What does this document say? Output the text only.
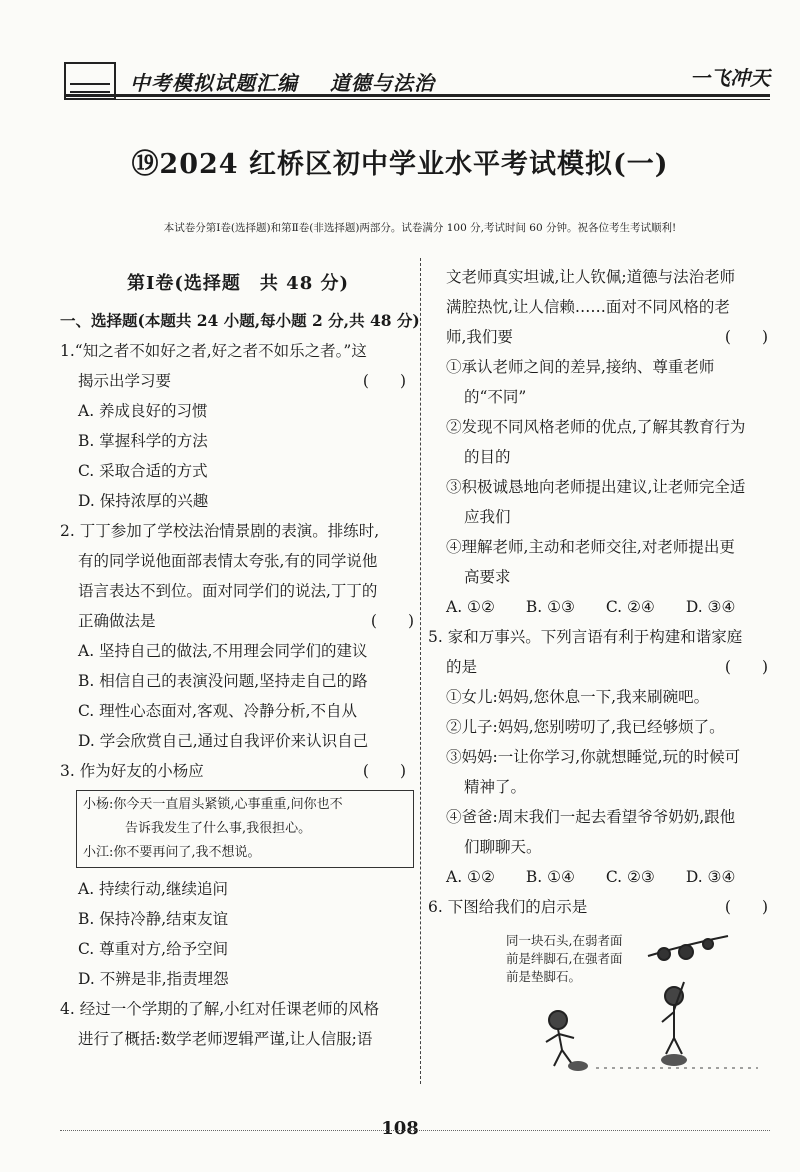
中考模拟试题汇编 道德与法治	一飞冲天
⑲2024 红桥区初中学业水平考试模拟(一)
本试卷分第Ⅰ卷(选择题)和第Ⅱ卷(非选择题)两部分。试卷满分 100 分,考试时间 60 分钟。祝各位考生考试顺利!
第Ⅰ卷(选择题　共 48 分)
一、选择题(本题共 24 小题,每小题 2 分,共 48 分)
1.“知之者不如好之者,好之者不如乐之者。”这
揭示出学习要	(　　)
A. 养成良好的习惯
B. 掌握科学的方法
C. 采取合适的方式
D. 保持浓厚的兴趣
2. 丁丁参加了学校法治情景剧的表演。排练时,
有的同学说他面部表情太夸张,有的同学说他
语言表达不到位。面对同学们的说法,丁丁的
正确做法是	(　　)
A. 坚持自己的做法,不用理会同学们的建议
B. 相信自己的表演没问题,坚持走自己的路
C. 理性心态面对,客观、冷静分析,不自从
D. 学会欣赏自己,通过自我评价来认识自己
3. 作为好友的小杨应	(　　)
小杨:你今天一直眉头紧锁,心事重重,问你也不
告诉我发生了什么事,我很担心。
小江:你不要再问了,我不想说。
A. 持续行动,继续追问
B. 保持冷静,结束友谊
C. 尊重对方,给予空间
D. 不辨是非,指责埋怨
4. 经过一个学期的了解,小红对任课老师的风格
进行了概括:数学老师逻辑严谨,让人信服;语
文老师真实坦诚,让人钦佩;道德与法治老师
满腔热忱,让人信赖……面对不同风格的老
师,我们要	(　　)
①承认老师之间的差异,接纳、尊重老师
的“不同”
②发现不同风格老师的优点,了解其教育行为
的目的
③积极诚恳地向老师提出建议,让老师完全适
应我们
④理解老师,主动和老师交往,对老师提出更
高要求
A. ①②　　B. ①③　　C. ②④　　D. ③④
5. 家和万事兴。下列言语有利于构建和谐家庭
的是	(　　)
①女儿:妈妈,您休息一下,我来刷碗吧。
②儿子:妈妈,您别唠叨了,我已经够烦了。
③妈妈:一让你学习,你就想睡觉,玩的时候可
精神了。
④爸爸:周末我们一起去看望爷爷奶奶,跟他
们聊聊天。
A. ①②　　B. ①④　　C. ②③　　D. ③④
6. 下图给我们的启示是	(　　)
同一块石头,在弱者面
前是绊脚石,在强者面
前是垫脚石。
108
